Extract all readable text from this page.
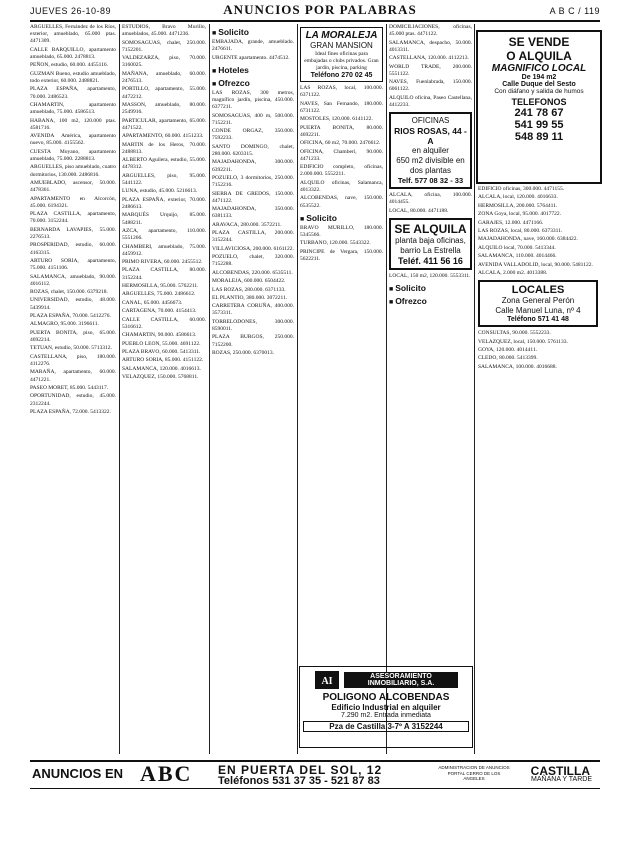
JUEVES 26-10-89	ANUNCIOS POR PALABRAS	A B C / 119

ARGUELLES, Fernández de los Ríos, exterior, amueblado, 65.000 ptas. 4471309.

CALLE BARQUILLO, apartamento amueblado, 65.000. 2478813.

PEÑON, estudio, 60.000. 4455116.

GUZMAN Bueno, estudio amueblado, todo exterior, 60.000. 2488821.

PLAZA ESPAÑA, apartamento, 70.000. 2486523.

CHAMARTIN, apartamento amueblado, 75.000. 4586513.

HABANA, 100 m2, 120.000 ptas. 4581716.

AVENIDA América, apartamento nuevo, 85.000. 4155562.

CUESTA Moyano, apartamento amueblado, 75.000. 2288813.

ARGUELLES, piso amueblado, cuatro dormitorios, 130.000. 2486816.

AMUEBLADO, ascensor, 50.000. 4478361.

APARTAMENTO en Alcorcón, 45.000. 6194321.

PLAZA CASTILLA, apartamento, 70.000. 3152244.

BERNARDA LAVAPIES, 55.000. 2276513.

PROSPERIDAD, estudio, 60.000. 4163315.

ARTURO SORIA, apartamento, 75.000. 4151106.

SALAMANCA, amueblado, 90.000. 4016112.

ROZAS, chalet, 150.000. 6379218.

UNIVERSIDAD, estudio, 48.000. 5439914.

PLAZA ESPAÑA, 70.000. 5412276.

ALMAGRO, 95.000. 3196611.

PUERTA BONITA, piso, 65.000. 4692214.

TETUAN, estudio, 50.000. 5713312.

CASTELLANA, piso, 180.000. 4112276.

MARAÑA, apartamento, 60.000. 4471221.

PASEO MORET, 85.000. 5443117.

OPORTUNIDAD, estudio, 45.000. 2312244.

PLAZA ESPAÑA, 72.000. 5413322.

ESTUDIOS, Bravo Murillo, amueblados, 45.000. 4471236.

SOMOSAGUAS, chalet, 250.000. 7152201.

VALDEZARZA, piso, 70.000. 3160025.

MAÑANA, amueblado, 60.000. 2476513.

PORTILLO, apartamento, 55.000. 4472212.

MASSON, amueblado, 80.000. 2549916.

PARTICULAR, apartamento, 65.000. 4471522.

APARTAMENTO, 60.000. 4151233.

MARTIN de los Heros, 70.000. 2488813.

ALBERTO Aguilera, estudio, 55.000. 4478312.

ARGUELLES, piso, 95.000. 5441122.

LUNA, estudio, 45.000. 5216613.

PLAZA ESPAÑA, exterior, 70.000. 2486613.

MARQUÉS Urquijo, 85.000. 5488211.

AZCA, apartamento, 110.000. 5551266.

CHAMBERI, amueblado, 75.000. 4459912.

PRIMO RIVERA, 60.000. 2455512.

PLAZA CASTILLA, 80.000. 3152244.

HERMOSILLA, 95.000. 5762211.

ARGUELLES, 75.000. 2486612.

CANAL, 65.000. 4456673.

CARTAGENA, 70.000. 4154413.

CALLE CASTILLA, 60.000. 5316612.

CHAMARTIN, 90.000. 4586613.

PUEBLO LEON, 55.000. 4691122.

PLAZA BRAVO, 60.000. 5413311.

ARTURO SORIA, 85.000. 4151122.

SALAMANCA, 120.000. 4016613.

VELAZQUEZ, 150.000. 5768811.

■ Solicito

EMBAJADA, grande, amueblado. 2476611.

URGENTE apartamento. 4474512.

■ Hoteles
■ Ofrezco

LAS ROZAS, 300 metros, magnífico jardín, piscina, 450.000. 6377211.

SOMOSAGUAS, 400 m, 500.000. 7152211.

CONDE ORGAZ, 350.000. 7592233.

SANTO DOMINGO, chalet, 280.000. 6203315.

MAJADAHONDA, 300.000. 6392211.

POZUELO, 3 dormitorios, 250.000. 7152216.

SIERRA DE GREDOS, 150.000. 4471122.

MAJADAHONDA, 350.000. 6381133.

ARAVACA, 280.000. 3572211.

PLAZA CASTILLA, 200.000. 3152244.

VILLAVICIOSA, 200.000. 6161122.

POZUELO, chalet, 320.000. 7152288.

ALCOBENDAS, 220.000. 6535511.

MORALEJA, 600.000. 6504422.

LAS ROZAS, 280.000. 6371133.

EL PLANTIO, 380.000. 3072211.

CARRETERA CORUÑA, 400.000. 3573311.

TORRELODONES, 300.000. 8590011.

PLAZA BURGOS, 250.000. 7152200.

ROZAS, 250.000. 6370013.

LA MORALEJA
GRAN MANSION
Ideal fines oficinas para embajadas o clubs privados. Gran jardín, piscina, parking
Teléfono 270 02 45

LAS ROZAS, local, 100.000. 6371122.

NAVES, San Fernando, 180.000. 6731122.

MOSTOLES, 120.000. 6141122.

PUERTA BONITA, 80.000. 4692211.

OFICINA, 60 m2, 70.000. 2476612.

OFICINA, Chamberí, 90.000. 4471233.

EDIFICIO completo, oficinas, 2.000.000. 5552211.

ALQUILO oficinas, Salamanca, 4013322.

ALCOBENDAS, nave, 150.000. 6535522.

■ Solicito

BRAVO MURILLO, 180.000. 5345566.

TURBANO, 120.000. 5543322.

PRINCIPE de Vergara, 150.000. 5622211.

DOMICILIACIONES, oficinas, 45.000 ptas. 4471122.

SALAMANCA, despacho, 50.000. 4013311.

CASTELLANA, 120.000. 4112213.

WORLD TRADE, 200.000. 5551122.

NAVES, Fuenlabrada, 150.000. 6061122.

ALQUILO oficina, Paseo Castellana, 4412233.

OFICINAS
RIOS ROSAS, 44 - A
en alquiler
650 m2 divisible en dos plantas
Telf. 577 08 32 - 33

ALCALA, oficina, 100.000. 4014455.

LOCAL, 80.000. 4471188.

SE ALQUILA
planta baja oficinas, barrio La Estrella
Teléf. 411 56 16

LOCAL, 150 m2, 120.000. 5553311.

■ Solicito
■ Ofrezco
SE VENDE
O ALQUILA
MAGNIFICO LOCAL
De 194 m2
Calle Duque del Sesto
Con diáfano y salida de humos
TELEFONOS
241 78 67
541 99 55
548 89 11

EDIFICIO oficinas, 300.000. 4471155.

ALCALA, local, 120.000. 4016633.

HERMOSILLA, 200.000. 5764411.

ZONA Goya, local, 95.000. 4017722.

GARAJES, 12.000. 4471166.

LAS ROZAS, local, 80.000. 6373311.

MAJADAHONDA, nave, 160.000. 6384422.

ALQUILO local, 70.000. 5413344.

SALAMANCA, 110.000. 4014466.

AVENIDA VALLADOLID, local, 90.000. 5481122.

ALCALA, 2.000 m2. 4013388.

LOCALES
Zona General Perón
Calle Manuel Luna, nº 4
Teléfono 571 41 48

CONSULTAS, 90.000. 5552233.

VELAZQUEZ, local, 150.000. 5761133.

GOYA, 120.000. 4014411.

CLEDO, 80.000. 5413399.

SALAMANCA, 100.000. 4016688.

AI	ASESORAMIENTO INMOBILIARIO, S.A.
POLIGONO ALCOBENDAS
Edificio Industrial en alquiler
7.290 m2. Entrada inmediata
Pza de Castilla 3-7º A 3152244
ANUNCIOS EN ABC EN PUERTA DEL SOL, 12
Teléfonos 531 37 35 - 521 87 83
ADMINISTRACION DE ANUNCIOS PORTAL CERRO DE LOS ANGELES
CASTILLA
MAÑANA Y TARDE
